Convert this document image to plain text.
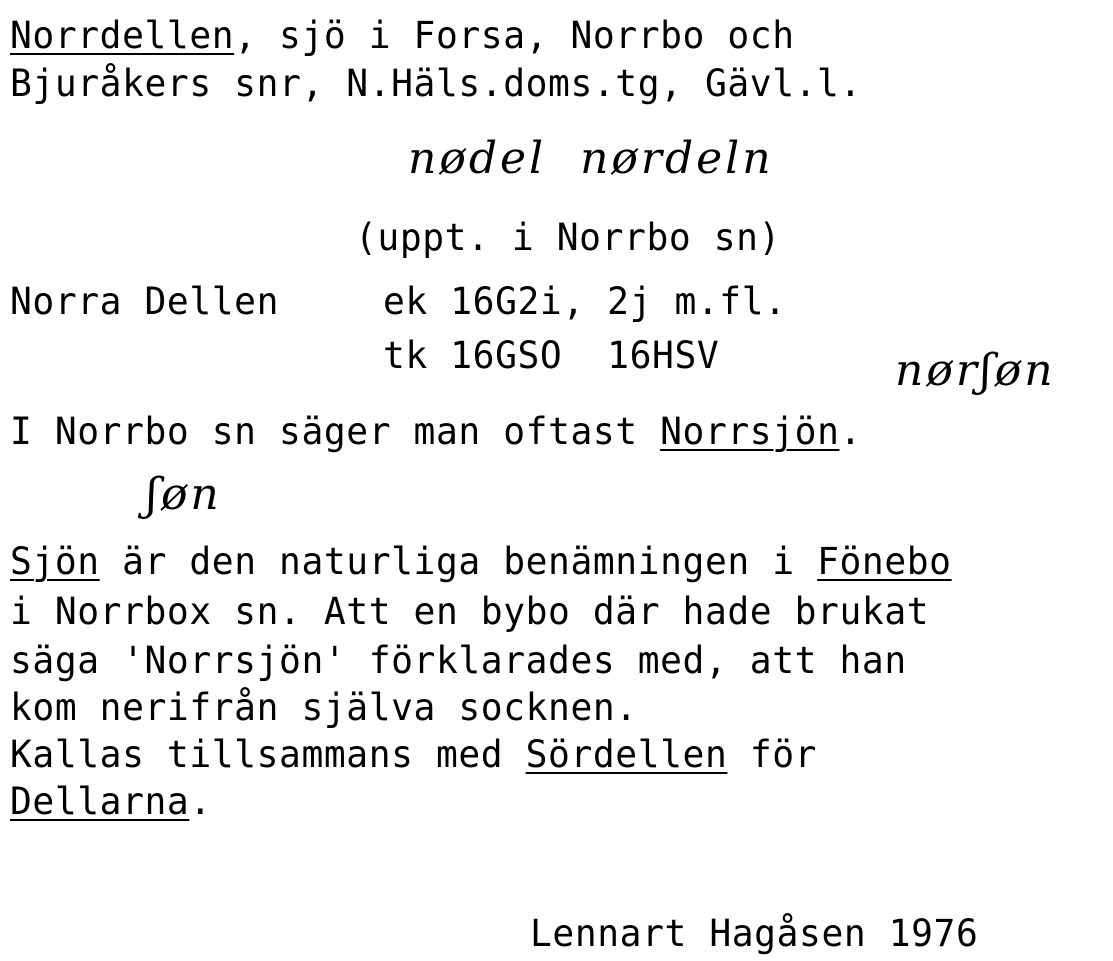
Norrdellen, sjö i Forsa, Norrbo och
Bjuråkers snr, N.Häls.doms.tg, Gävl.l.
nødel  nørdeln
(uppt. i Norrbo sn)
Norra Dellen	ek 16G2i, 2j m.fl.
tk 16GSO  16HSV	nørʃøn
I Norrbo sn säger man oftast Norrsjön.
ʃøn
Sjön är den naturliga benämningen i Fönebo
i Norrbox sn. Att en bybo där hade brukat
säga 'Norrsjön' förklarades med, att han
kom nerifrån själva socknen.
Kallas tillsammans med Sördellen för
Dellarna.
Lennart Hagåsen 1976
